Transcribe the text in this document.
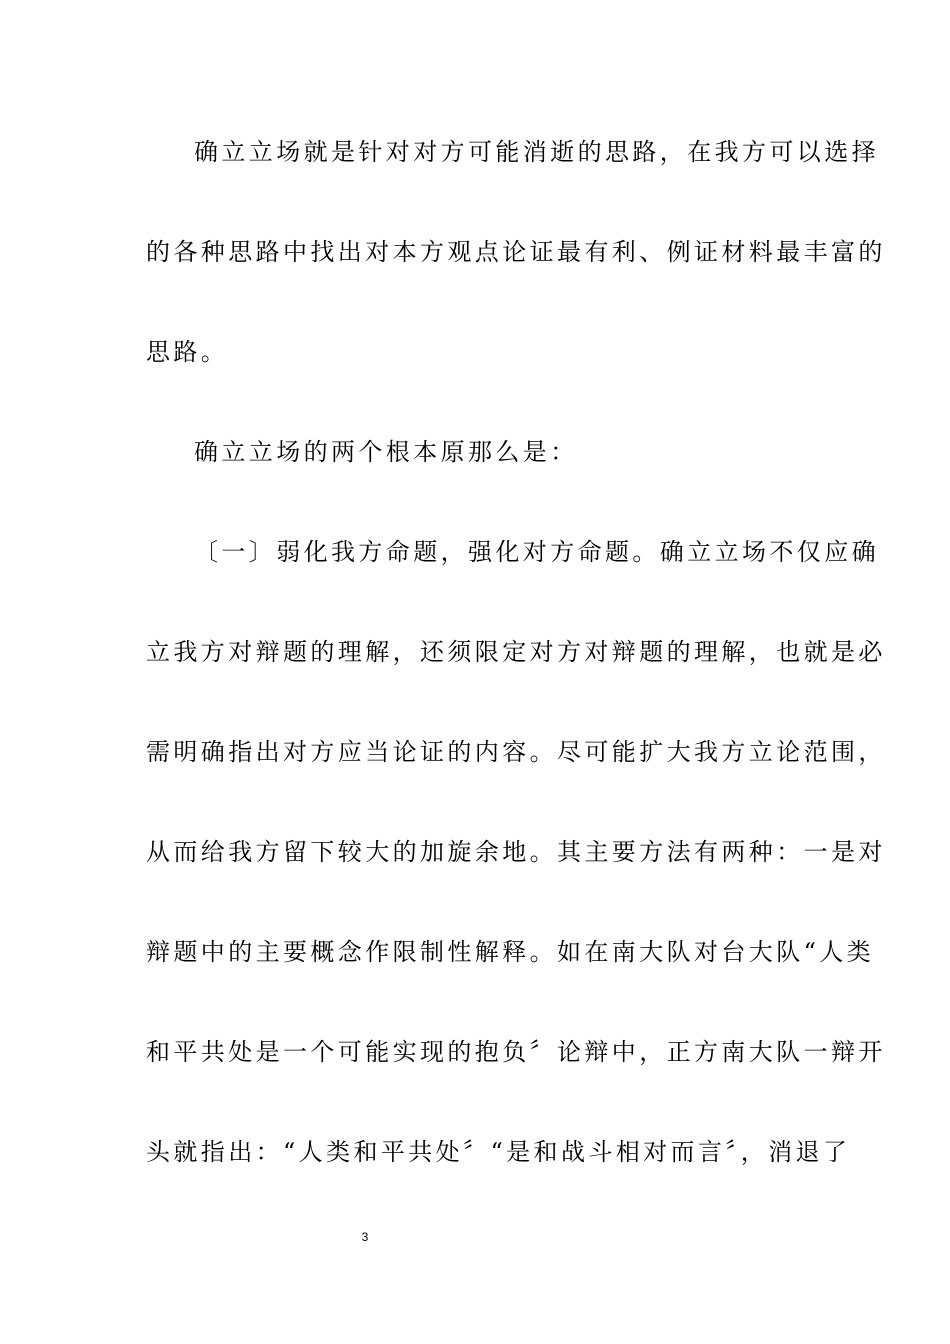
确立立场就是针对对方可能消逝的思路，在我方可以选择
的各种思路中找出对本方观点论证最有利、例证材料最丰富的
思路。
确立立场的两个根本原那么是：
〔一〕弱化我方命题，强化对方命题。确立立场不仅应确
立我方对辩题的理解，还须限定对方对辩题的理解，也就是必
需明确指出对方应当论证的内容。尽可能扩大我方立论范围，
从而给我方留下较大的加旋余地。其主要方法有两种：一是对
辩题中的主要概念作限制性解释。如在南大队对台大队“人类
和平共处是一个可能实现的抱负〞论辩中，正方南大队一辩开
头就指出：“人类和平共处〞“是和战斗相对而言〞，消退了
3
